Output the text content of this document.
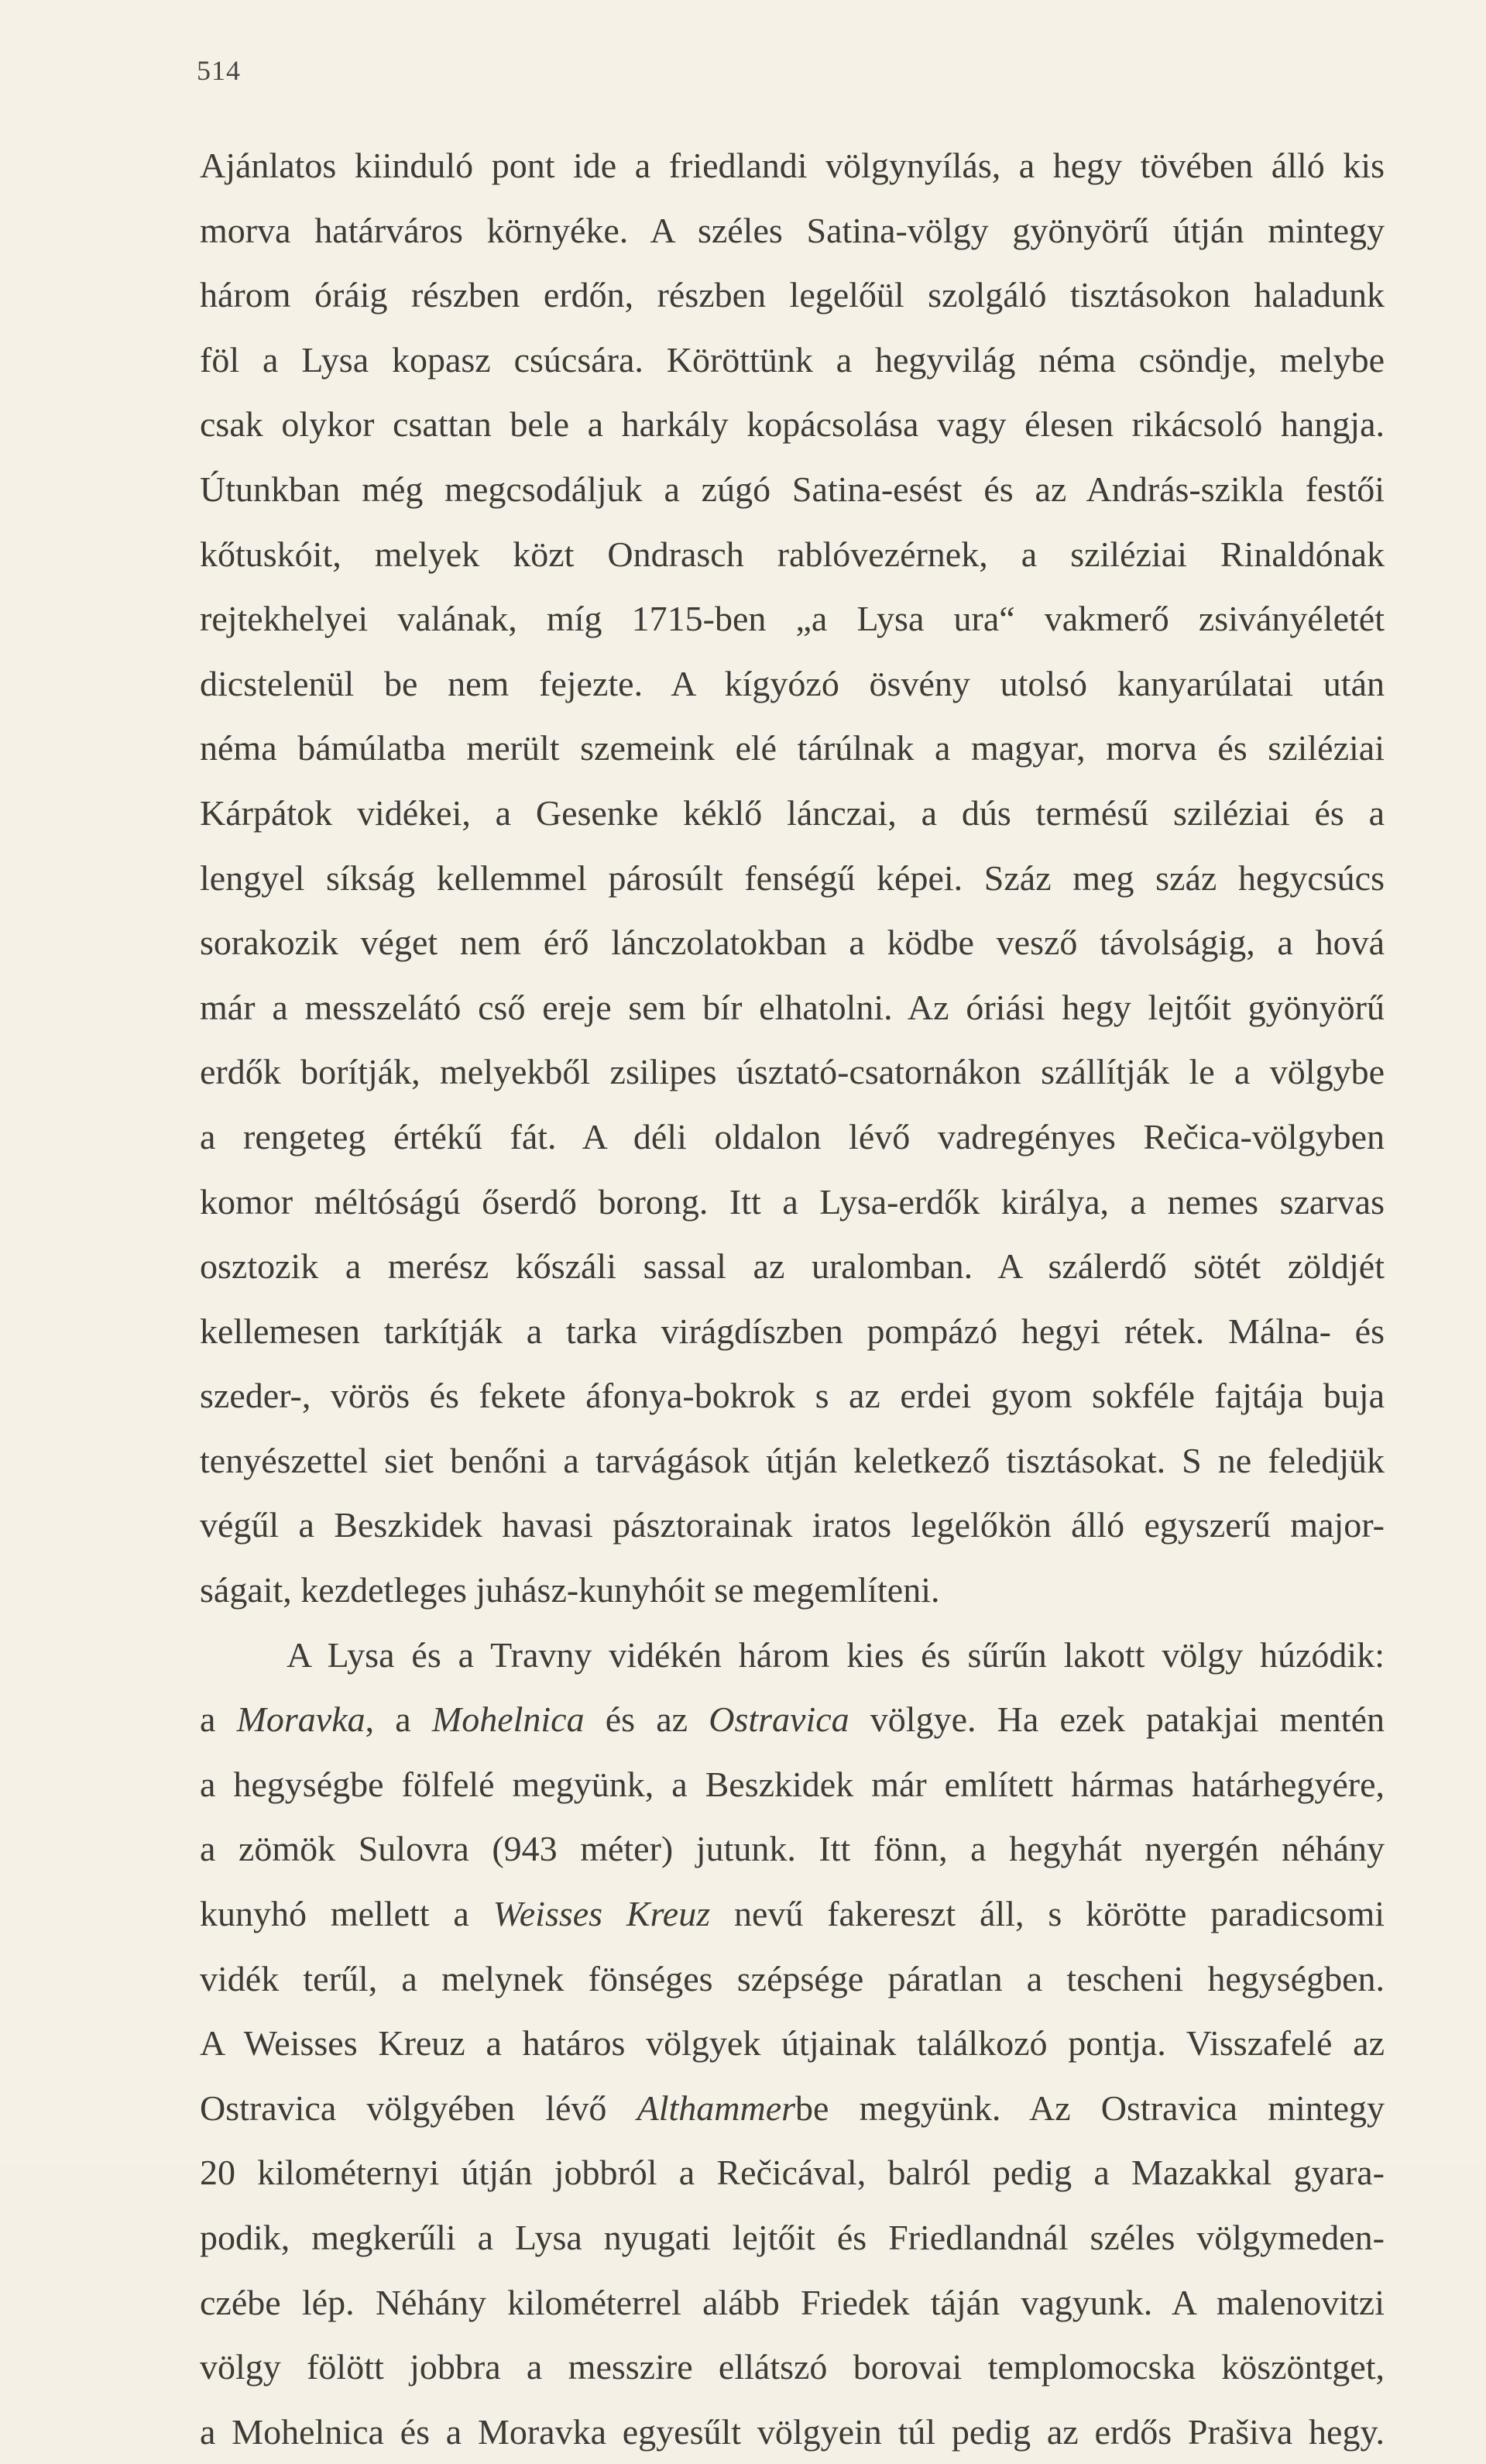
514
Ajánlatos kiinduló pont ide a friedlandi völgynyílás, a hegy tövében álló kis
morva határváros környéke. A széles Satina-völgy gyönyörű útján mintegy
három óráig részben erdőn, részben legelőül szolgáló tisztásokon haladunk
föl a Lysa kopasz csúcsára. Köröttünk a hegyvilág néma csöndje, melybe
csak olykor csattan bele a harkály kopácsolása vagy élesen rikácsoló hangja.
Útunkban még megcsodáljuk a zúgó Satina-esést és az András-szikla festői
kőtuskóit, melyek közt Ondrasch rablóvezérnek, a sziléziai Rinaldónak
rejtekhelyei valának, míg 1715-ben „a Lysa ura“ vakmerő zsiványéletét
dicstelenül be nem fejezte. A kígyózó ösvény utolsó kanyarúlatai után
néma bámúlatba merült szemeink elé tárúlnak a magyar, morva és sziléziai
Kárpátok vidékei, a Gesenke kéklő lánczai, a dús termésű sziléziai és a
lengyel síkság kellemmel párosúlt fenségű képei. Száz meg száz hegycsúcs
sorakozik véget nem érő lánczolatokban a ködbe vesző távolságig, a hová
már a messzelátó cső ereje sem bír elhatolni. Az óriási hegy lejtőit gyönyörű
erdők borítják, melyekből zsilipes úsztató-csatornákon szállítják le a völgybe
a rengeteg értékű fát. A déli oldalon lévő vadregényes Rečica-völgyben
komor méltóságú őserdő borong. Itt a Lysa-erdők királya, a nemes szarvas
osztozik a merész kőszáli sassal az uralomban. A szálerdő sötét zöldjét
kellemesen tarkítják a tarka virágdíszben pompázó hegyi rétek. Málna- és
szeder-, vörös és fekete áfonya-bokrok s az erdei gyom sokféle fajtája buja
tenyészettel siet benőni a tarvágások útján keletkező tisztásokat. S ne feledjük
végűl a Beszkidek havasi pásztorainak iratos legelőkön álló egyszerű major-
ságait, kezdetleges juhász-kunyhóit se megemlíteni.
A Lysa és a Travny vidékén három kies és sűrűn lakott völgy húzódik:
a Moravka, a Mohelnica és az Ostravica völgye. Ha ezek patakjai mentén
a hegységbe fölfelé megyünk, a Beszkidek már említett hármas határhegyére,
a zömök Sulovra (943 méter) jutunk. Itt fönn, a hegyhát nyergén néhány
kunyhó mellett a Weisses Kreuz nevű fakereszt áll, s körötte paradicsomi
vidék terűl, a melynek fönséges szépsége páratlan a tescheni hegységben.
A Weisses Kreuz a határos völgyek útjainak találkozó pontja. Visszafelé az
Ostravica völgyében lévő Althammerbe megyünk. Az Ostravica mintegy
20 kilométernyi útján jobbról a Rečicával, balról pedig a Mazakkal gyara-
podik, megkerűli a Lysa nyugati lejtőit és Friedlandnál széles völgymeden-
czébe lép. Néhány kilométerrel alább Friedek táján vagyunk. A malenovitzi
völgy fölött jobbra a messzire ellátszó borovai templomocska köszöntget,
a Mohelnica és a Moravka egyesűlt völgyein túl pedig az erdős Prašiva hegy.
